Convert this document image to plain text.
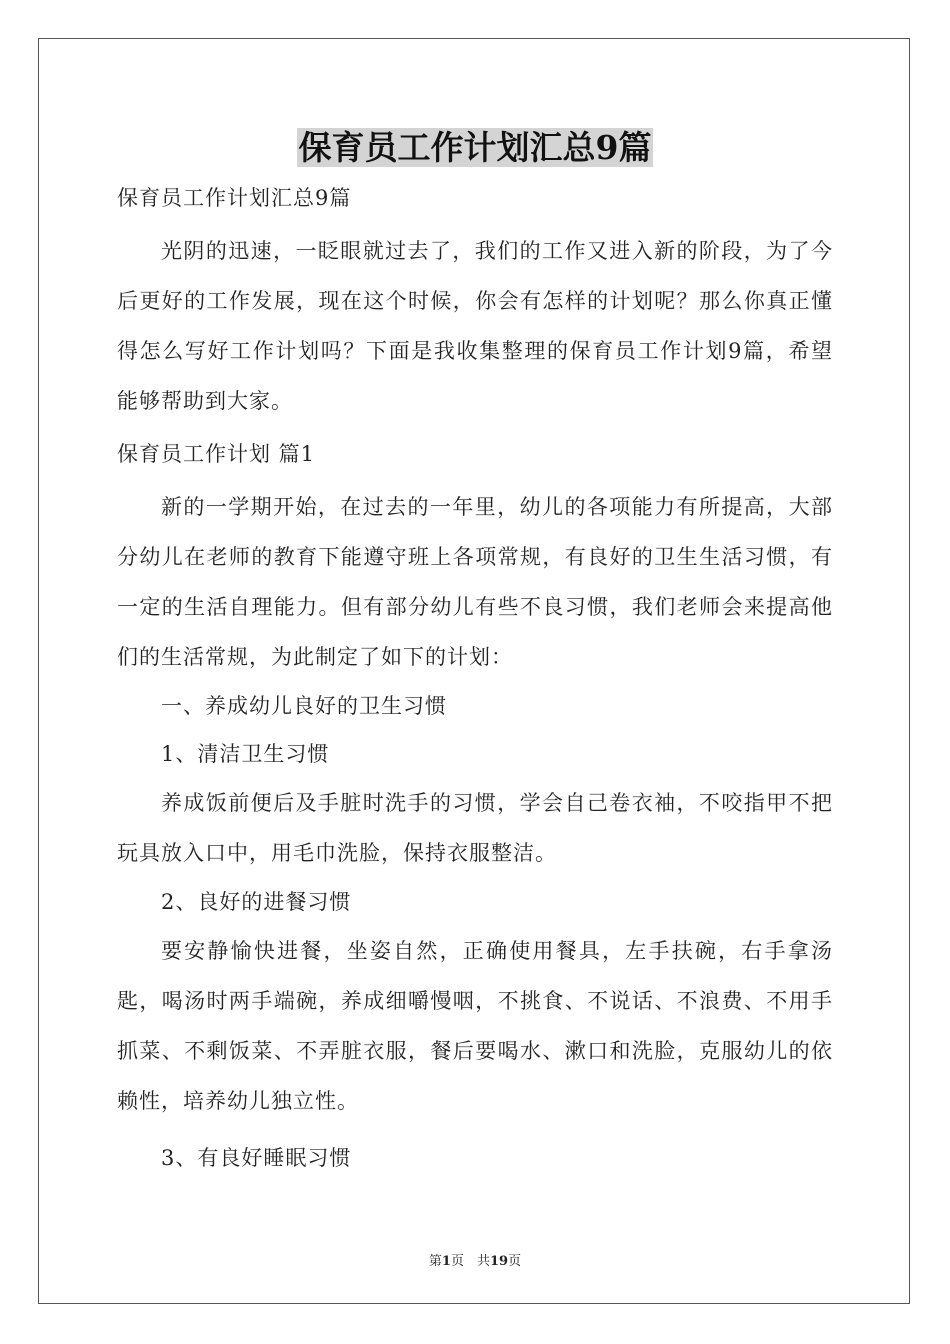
保育员工作计划汇总9篇

保育员工作计划汇总9篇

光阴的迅速，一眨眼就过去了，我们的工作又进入新的阶段，为了今后更好的工作发展，现在这个时候，你会有怎样的计划呢？那么你真正懂得怎么写好工作计划吗？下面是我收集整理的保育员工作计划9篇，希望能够帮助到大家。

保育员工作计划 篇1

新的一学期开始，在过去的一年里，幼儿的各项能力有所提高，大部分幼儿在老师的教育下能遵守班上各项常规，有良好的卫生生活习惯，有一定的生活自理能力。但有部分幼儿有些不良习惯，我们老师会来提高他们的生活常规，为此制定了如下的计划：

一、养成幼儿良好的卫生习惯

1、清洁卫生习惯

养成饭前便后及手脏时洗手的习惯，学会自己卷衣袖，不咬指甲不把玩具放入口中，用毛巾洗脸，保持衣服整洁。

2、良好的进餐习惯

要安静愉快进餐，坐姿自然，正确使用餐具，左手扶碗，右手拿汤匙，喝汤时两手端碗，养成细嚼慢咽，不挑食、不说话、不浪费、不用手抓菜、不剩饭菜、不弄脏衣服，餐后要喝水、漱口和洗脸，克服幼儿的依赖性，培养幼儿独立性。

3、有良好睡眠习惯

第1页　共19页
